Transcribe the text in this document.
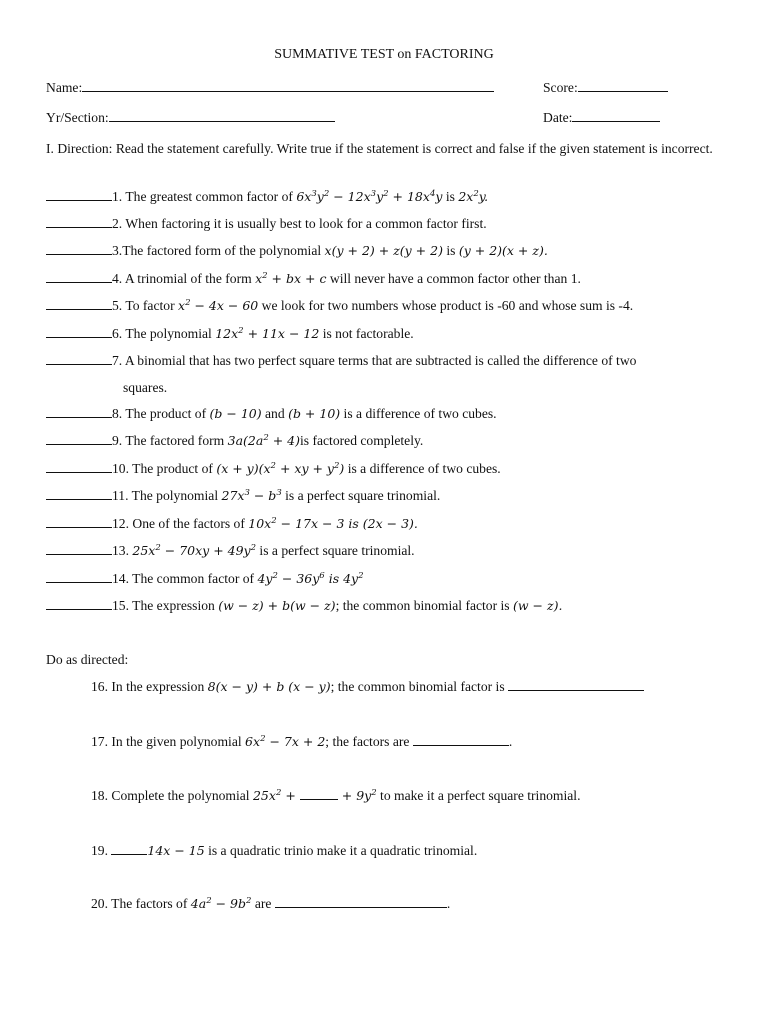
SUMMATIVE TEST on FACTORING
Name:	Score:
Yr/Section:	Date:
I. Direction: Read the statement carefully. Write true if the statement is correct and false if the given statement is incorrect.
1. The greatest common factor of $6x^3y^2 - 12x^3y^2 + 18x^4y$ is $2x^2y$.
2. When factoring it is usually best to look for a common factor first.
3.The factored form of the polynomial x(y + 2) + z(y + 2) is (y + 2)(x + z).
4. A trinomial of the form $x^2$ + bx + c will never have a common factor other than 1.
5. To factor $x^2 - 4x - 60$ we look for two numbers whose product is -60 and whose sum is -4.
6. The polynomial $12x^2 + 11x - 12$ is not factorable.
7. A binomial that has two perfect square terms that are subtracted is called the difference of two
squares.
8. The product of (b − 10) and (b + 10) is a difference of two cubes.
9. The factored form $3a(2a^2 + 4)is$ factored completely.
10. The product of $(x + y)(x^2$ + xy + $y^2$) is a difference of two cubes.
11. The polynomial $27x^3 - b^3$ is a perfect square trinomial.
12. One of the factors of $10x^2 - 17x - 3$ is (2x − 3).
13. $25x^2 - 70xy + 49y^2$ is a perfect square trinomial.
14. The common factor of $4y^2 - 36y^6$ is $4y^2$
15. The expression (w − z) + b(w − z); the common binomial factor is (w − z).
Do as directed:
16. In the expression 8(x − y) + b (x − y); the common binomial factor is
17. In the given polynomial $6x^2 - 7x + 2$; the factors are	.
18. Complete the polynomial $25x^2$ +	+ $9y^2$ to make it a perfect square trinomial.
19.	14x − 15 is a quadratic trinio make it a quadratic trinomial.
20. The factors of $4a^2 - 9b^2$ are	.
